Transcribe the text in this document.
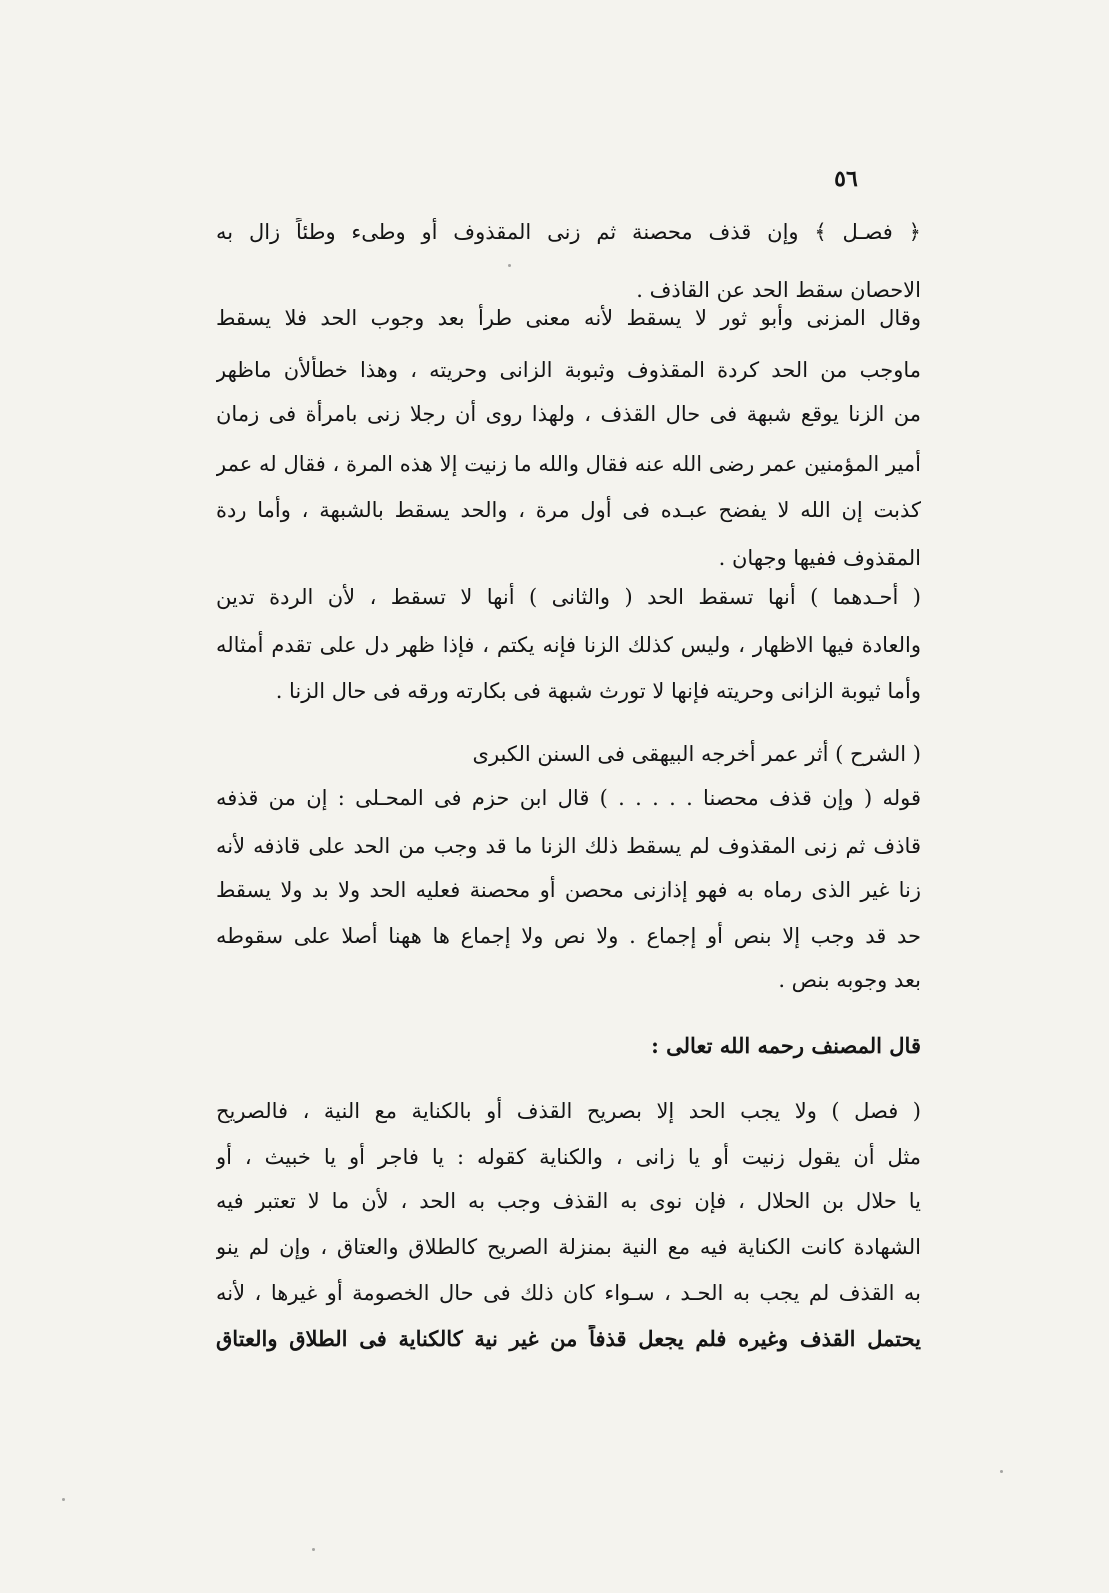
٥٦
﴿ فصـل ﴾ وإن قذف محصنة ثم زنى المقذوف أو وطىء وطئاً زال به
الاحصان سقط الحد عن القاذف .
وقال المزنى وأبو ثور لا يسقط لأنه معنى طرأ بعد وجوب الحد فلا يسقط
ماوجب من الحد كردة المقذوف وثبوبة الزانى وحريته ، وهذا خطألأن ماظهر
من الزنا يوقع شبهة فى حال القذف ، ولهذا روى أن رجلا زنى بامرأة فى زمان
أمير المؤمنين عمر رضى الله عنه فقال والله ما زنيت إلا هذه المرة ، فقال له عمر
كذبت إن الله لا يفضح عبـده فى أول مرة ، والحد يسقط بالشبهة ، وأما ردة
المقذوف ففيها وجهان .
( أحـدهما ) أنها تسقط الحد ( والثانى ) أنها لا تسقط ، لأن الردة تدين
والعادة فيها الاظهار ، وليس كذلك الزنا فإنه يكتم ، فإذا ظهر دل على تقدم أمثاله
وأما ثيوبة الزانى وحريته فإنها لا تورث شبهة فى بكارته ورقه فى حال الزنا .
( الشرح ) أثر عمر أخرجه البيهقى فى السنن الكبرى
قوله ( وإن قذف محصنا . . . . . ) قال ابن حزم فى المحـلى : إن من قذفه
قاذف ثم زنى المقذوف لم يسقط ذلك الزنا ما قد وجب من الحد على قاذفه لأنه
زنا غير الذى رماه به فهو إذازنى محصن أو محصنة فعليه الحد ولا بد ولا يسقط
حد قد وجب إلا بنص أو إجماع . ولا نص ولا إجماع ها ههنا أصلا على سقوطه
بعد وجوبه بنص .
قال المصنف رحمه الله تعالى :
( فصل ) ولا يجب الحد إلا بصريح القذف أو بالكناية مع النية ، فالصريح
مثل أن يقول زنيت أو يا زانى ، والكناية كقوله : يا فاجر أو يا خبيث ، أو
يا حلال بن الحلال ، فإن نوى به القذف وجب به الحد ، لأن ما لا تعتبر فيه
الشهادة كانت الكناية فيه مع النية بمنزلة الصريح كالطلاق والعتاق ، وإن لم ينو
به القذف لم يجب به الحـد ، سـواء كان ذلك فى حال الخصومة أو غيرها ، لأنه
يحتمل القذف وغيره فلم يجعل قذفاً من غير نية كالكناية فى الطلاق والعتاق
